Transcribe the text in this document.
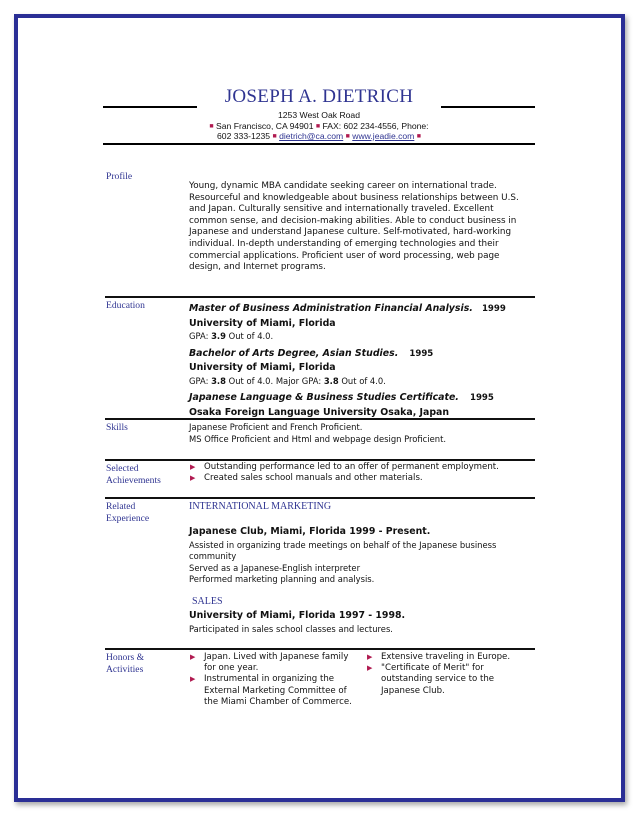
JOSEPH A. DIETRICH
1253 West Oak Road
■ San Francisco, CA 94901 ■ FAX: 602 234-4556, Phone:
602 333-1235 ■ dietrich@ca.com ■ www.jeadie.com ■
Profile
Young, dynamic MBA candidate seeking career on international trade. Resourceful and knowledgeable about business relationships between U.S. and Japan. Culturally sensitive and internationally traveled. Excellent common sense, and decision-making abilities. Able to conduct business in Japanese and understand Japanese culture. Self-motivated, hard-working individual. In-depth understanding of emerging technologies and their commercial applications. Proficient user of word processing, web page design, and Internet programs.
Education	Master of Business Administration Financial Analysis. 1999
University of Miami, Florida
GPA: 3.9 Out of 4.0.
Bachelor of Arts Degree, Asian Studies. 1995
University of Miami, Florida
GPA: 3.8 Out of 4.0. Major GPA: 3.8 Out of 4.0.
Japanese Language & Business Studies Certificate. 1995
Osaka Foreign Language University Osaka, Japan
Skills	Japanese Proficient and French Proficient.
MS Office Proficient and Html and webpage design Proficient.
Selected
Achievements
▶	Outstanding performance led to an offer of permanent employment.
▶	Created sales school manuals and other materials.
Related
Experience
INTERNATIONAL MARKETING
Japanese Club, Miami, Florida 1999 - Present.
Assisted in organizing trade meetings on behalf of the Japanese business
community
Served as a Japanese-English interpreter
Performed marketing planning and analysis.
SALES
University of Miami, Florida 1997 - 1998.
Participated in sales school classes and lectures.
Honors &
Activities
▶	Japan. Lived with Japanese family
for one year.
▶	Instrumental in organizing the
External Marketing Committee of
the Miami Chamber of Commerce.
▶	Extensive traveling in Europe.
▶	"Certificate of Merit" for
outstanding service to the
Japanese Club.
